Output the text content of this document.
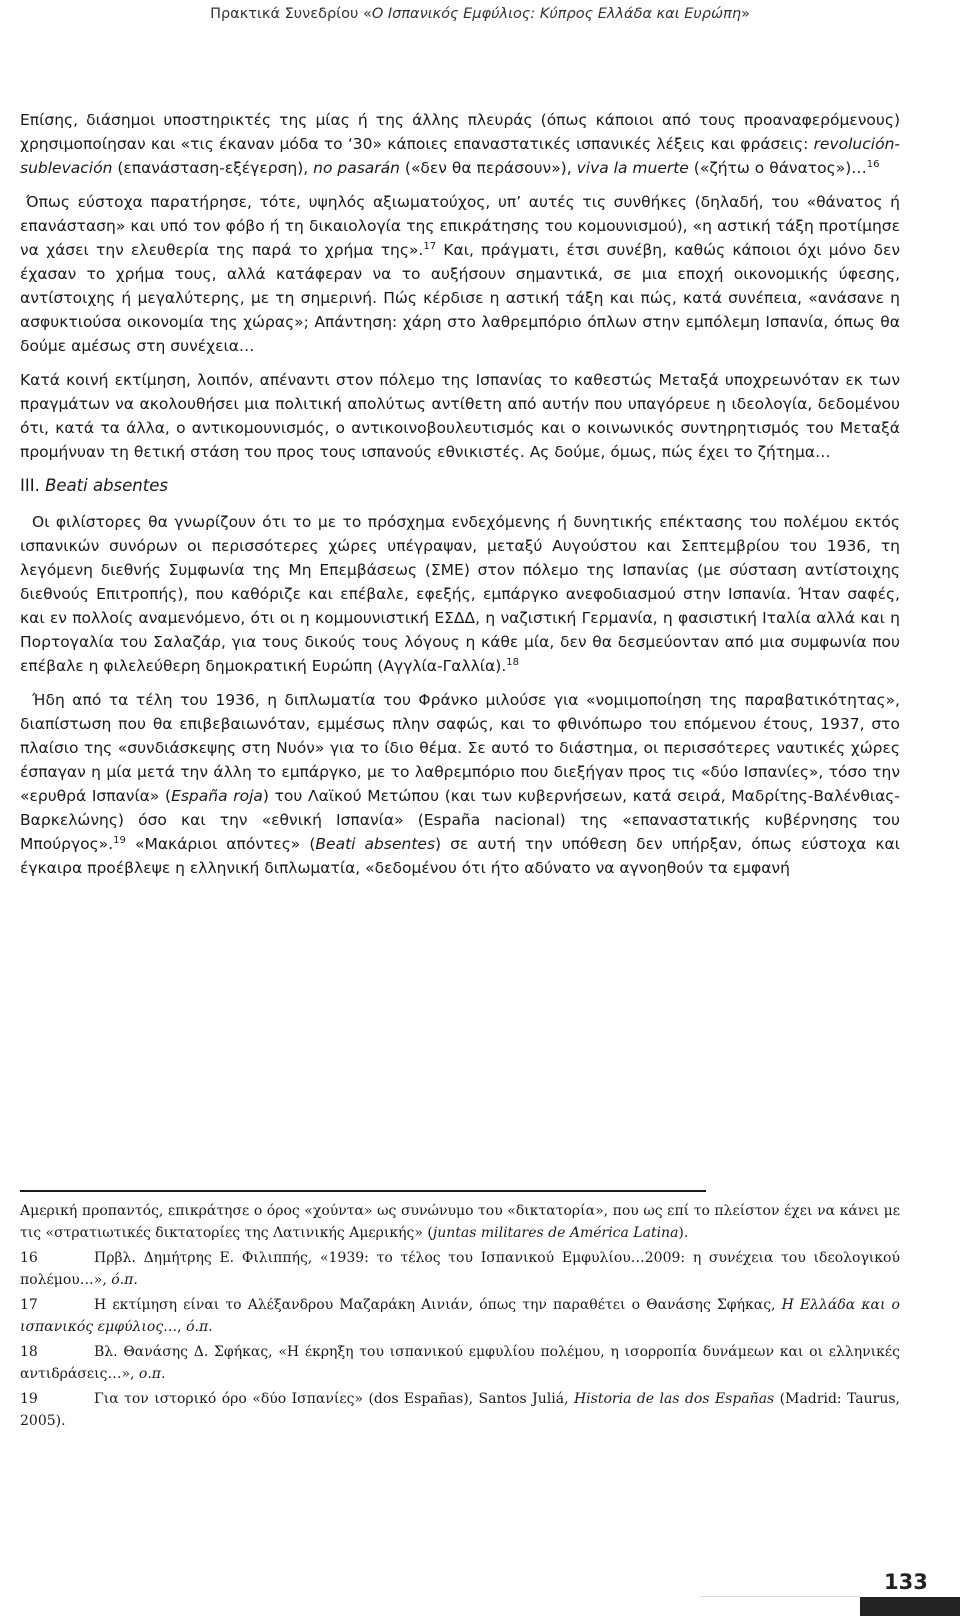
Πρακτικά Συνεδρίου «Ο Ισπανικός Εμφύλιος: Κύπρος Ελλάδα και Ευρώπη»

Επίσης, διάσημοι υποστηρικτές της μίας ή της άλλης πλευράς (όπως κάποιοι από τους προαναφερόμενους) χρησιμοποίησαν και «τις έκαναν μόδα το ‘30» κάποιες επαναστατικές ισπανικές λέξεις και φράσεις: revolución-sublevación (επανάσταση-εξέγερση), no pasarán («δεν θα περάσουν»), viva la muerte («ζήτω ο θάνατος»)…$^{16}$

Όπως εύστοχα παρατήρησε, τότε, υψηλός αξιωματούχος, υπ’ αυτές τις συνθήκες (δηλαδή, του «θάνατος ή επανάσταση» και υπό τον φόβο ή τη δικαιολογία της επικράτησης του κομουνισμού), «η αστική τάξη προτίμησε να χάσει την ελευθερία της παρά το χρήμα της».$^{17}$ Και, πράγματι, έτσι συνέβη, καθώς κάποιοι όχι μόνο δεν έχασαν το χρήμα τους, αλλά κατάφεραν να το αυξήσουν σημαντικά, σε μια εποχή οικονομικής ύφεσης, αντίστοιχης ή μεγαλύτερης, με τη σημερινή. Πώς κέρδισε η αστική τάξη και πώς, κατά συνέπεια, «ανάσανε η ασφυκτιούσα οικονομία της χώρας»; Απάντηση: χάρη στο λαθρεμπόριο όπλων στην εμπόλεμη Ισπανία, όπως θα δούμε αμέσως στη συνέχεια…

Κατά κοινή εκτίμηση, λοιπόν, απέναντι στον πόλεμο της Ισπανίας το καθεστώς Μεταξά υποχρεωνόταν εκ των πραγμάτων να ακολουθήσει μια πολιτική απολύτως αντίθετη από αυτήν που υπαγόρευε η ιδεολογία, δεδομένου ότι, κατά τα άλλα, ο αντικομουνισμός, ο αντικοινοβουλευτισμός και ο κοινωνικός συντηρητισμός του Μεταξά προμήνυαν τη θετική στάση του προς τους ισπανούς εθνικιστές. Ας δούμε, όμως, πώς έχει το ζήτημα…

III. Beati absentes

Οι φιλίστορες θα γνωρίζουν ότι το με το πρόσχημα ενδεχόμενης ή δυνητικής επέκτασης του πολέμου εκτός ισπανικών συνόρων οι περισσότερες χώρες υπέγραψαν, μεταξύ Αυγούστου και Σεπτεμβρίου του 1936, τη λεγόμενη διεθνής Συμφωνία της Μη Επεμβάσεως (ΣΜΕ) στον πόλεμο της Ισπανίας (με σύσταση αντίστοιχης διεθνούς Επιτροπής), που καθόριζε και επέβαλε, εφεξής, εμπάργκο ανεφοδιασμού στην Ισπανία. Ήταν σαφές, και εν πολλοίς αναμενόμενο, ότι οι η κομμουνιστική ΕΣΔΔ, η ναζιστική Γερμανία, η φασιστική Ιταλία αλλά και η Πορτογαλία του Σαλαζάρ, για τους δικούς τους λόγους η κάθε μία, δεν θα δεσμεύονταν από μια συμφωνία που επέβαλε η φιλελεύθερη δημοκρατική Ευρώπη (Αγγλία-Γαλλία).$^{18}$

Ήδη από τα τέλη του 1936, η διπλωματία του Φράνκο μιλούσε για «νομιμοποίηση της παραβατικότητας», διαπίστωση που θα επιβεβαιωνόταν, εμμέσως πλην σαφώς, και το φθινόπωρο του επόμενου έτους, 1937, στο πλαίσιο της «συνδιάσκεψης στη Νυόν» για το ίδιο θέμα. Σε αυτό το διάστημα, οι περισσότερες ναυτικές χώρες έσπαγαν η μία μετά την άλλη το εμπάργκο, με το λαθρεμπόριο που διεξήγαν προς τις «δύο Ισπανίες», τόσο την «ερυθρά Ισπανία» (España roja) του Λαϊκού Μετώπου (και των κυβερνήσεων, κατά σειρά, Μαδρίτης-Βαλένθιας-Βαρκελώνης) όσο και την «εθνική Ισπανία» (España nacional) της «επαναστατικής κυβέρνησης του Μπούργος».$^{19}$ «Μακάριοι απόντες» (Beati absentes) σε αυτή την υπόθεση δεν υπήρξαν, όπως εύστοχα και έγκαιρα προέβλεψε η ελληνική διπλωματία, «δεδομένου ότι ήτο αδύνατο να αγνοηθούν τα εμφανή

Αμερική προπαντός, επικράτησε ο όρος «χούντα» ως συνώνυμο του «δικτατορία», που ως επί το πλείστον έχει να κάνει με τις «στρατιωτικές δικτατορίες της Λατινικής Αμερικής» (juntas militares de América Latina).

16	Πρβλ. Δημήτρης Ε. Φιλιππής, «1939: το τέλος του Ισπανικού Εμφυλίου…2009: η συνέχεια του ιδεολογικού πολέμου…», ό.π.

17	Η εκτίμηση είναι το Αλέξανδρου Μαζαράκη Αινιάν, όπως την παραθέτει ο Θανάσης Σφήκας, Η Ελλάδα και ο ισπανικός εμφύλιος…, ό.π.

18	Βλ. Θανάσης Δ. Σφήκας, «Η έκρηξη του ισπανικού εμφυλίου πολέμου, η ισορροπία δυνάμεων και οι ελληνικές αντιδράσεις…», ο.π.

19	Για τον ιστορικό όρο «δύο Ισπανίες» (dos Españas), Santos Juliá, Historia de las dos Españas (Madrid: Taurus, 2005).

133
